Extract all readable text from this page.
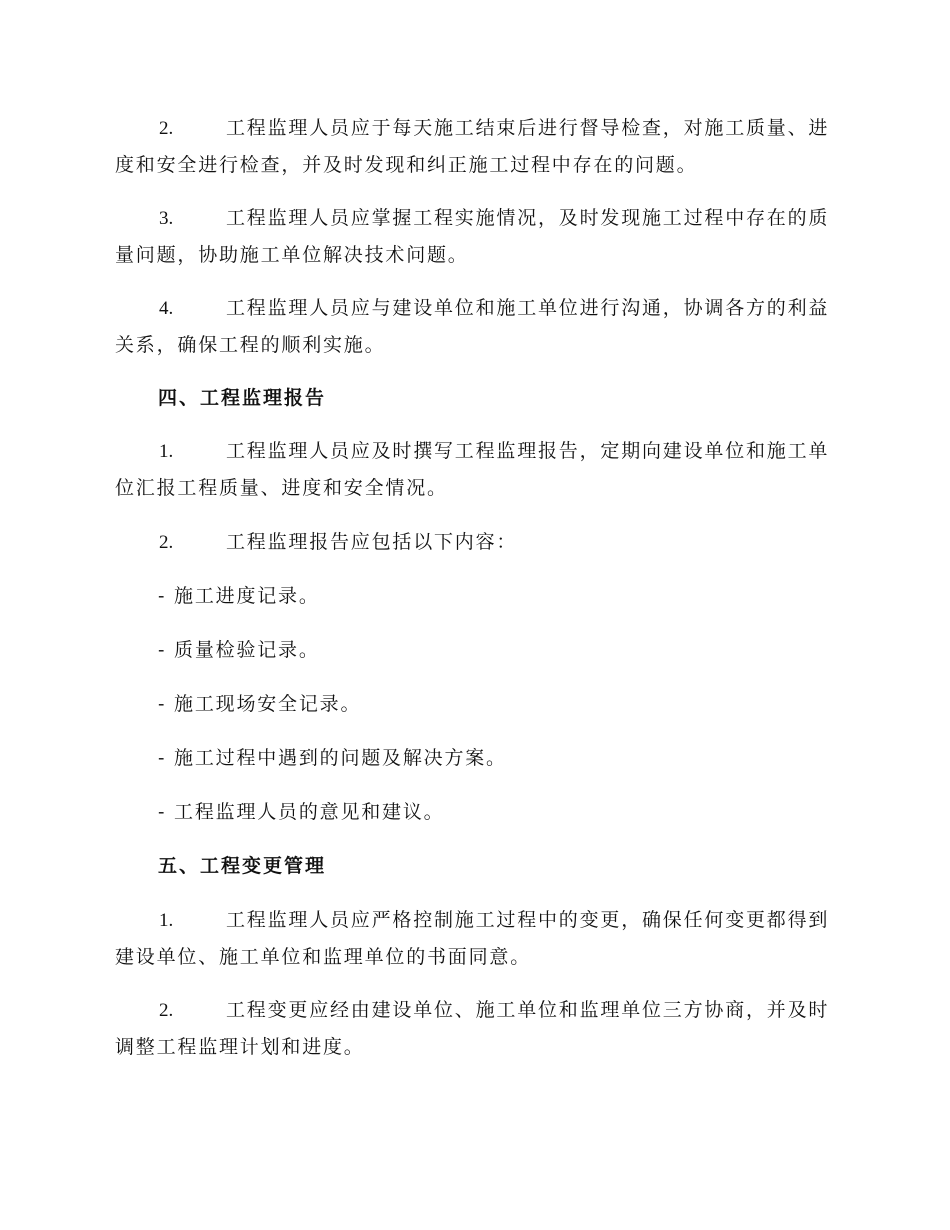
2.	工程监理人员应于每天施工结束后进行督导检查，对施工质量、进度和安全进行检查，并及时发现和纠正施工过程中存在的问题。
3.	工程监理人员应掌握工程实施情况，及时发现施工过程中存在的质量问题，协助施工单位解决技术问题。
4.	工程监理人员应与建设单位和施工单位进行沟通，协调各方的利益关系，确保工程的顺利实施。
四、工程监理报告
1.	工程监理人员应及时撰写工程监理报告，定期向建设单位和施工单位汇报工程质量、进度和安全情况。
2.	工程监理报告应包括以下内容：
- 施工进度记录。
- 质量检验记录。
- 施工现场安全记录。
- 施工过程中遇到的问题及解决方案。
- 工程监理人员的意见和建议。
五、工程变更管理
1.	工程监理人员应严格控制施工过程中的变更，确保任何变更都得到建设单位、施工单位和监理单位的书面同意。
2.	工程变更应经由建设单位、施工单位和监理单位三方协商，并及时调整工程监理计划和进度。
